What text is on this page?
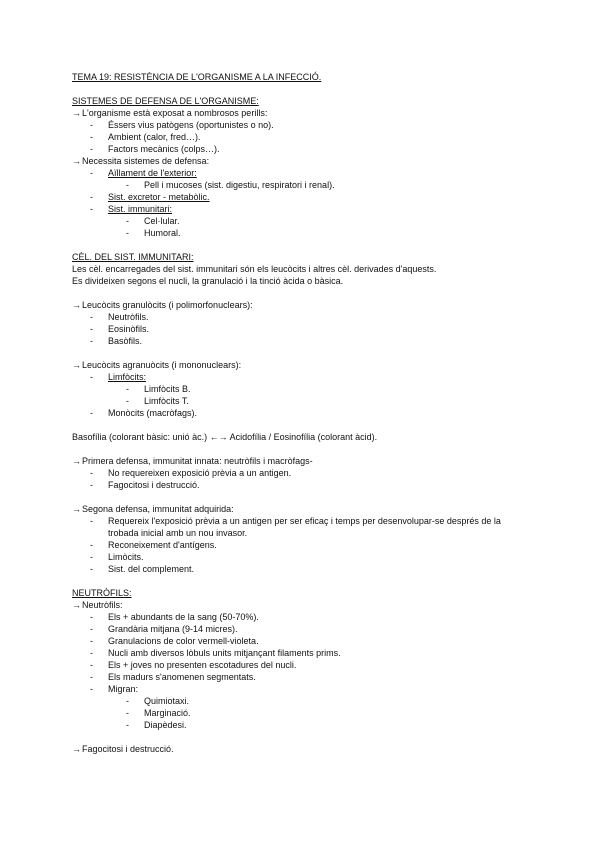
TEMA 19: RESISTÈNCIA DE L'ORGANISME A LA INFECCIÓ.
SISTEMES DE DEFENSA DE L'ORGANISME:
→L'organisme està exposat a nombrosos perills:
- Éssers vius patògens (oportunistes o no).
- Ambient (calor, fred…).
- Factors mecànics (colps…).
→Necessita sistemes de defensa:
- Aïllament de l'exterior:
- Pell i mucoses (sist. digestiu, respiratori i renal).
- Sist. excretor - metabòlic.
- Sist. immunitari:
- Cel·lular.
- Humoral.
CÈL. DEL SIST. IMMUNITARI:
Les cèl. encarregades del sist. immunitari són els leucòcits i altres cèl. derivades d'aquests.
Es divideixen segons el nucli, la granulació i la tinció àcida o bàsica.
→Leucòcits granulòcits (i polimorfonuclears):
- Neutròfils.
- Eosinòfils.
- Basòfils.
→Leucòcits agranuòcits (i mononuclears):
- Limfòcits:
- Limfòcits B.
- Limfòcits T.
- Monòcits (macròfags).
Basofília (colorant bàsic: unió àc.) ←→ Acidofília / Eosinofília (colorant àcid).
→Primera defensa, immunitat innata: neutròfils i macròfags-
- No requereixen exposició prèvia a un antigen.
- Fagocitosi i destrucció.
→Segona defensa, immunitat adquirida:
- Requereix l'exposició prèvia a un antigen per ser eficaç i temps per desenvolupar-se després de la
trobada inicial amb un nou invasor.
- Reconeixement d'antígens.
- Limòcits.
- Sist. del complement.
NEUTRÒFILS:
→Neutròfils:
- Els + abundants de la sang (50-70%).
- Grandària mitjana (9-14 micres).
- Granulacions de color vermell-violeta.
- Nucli amb diversos lòbuls units mitjançant filaments prims.
- Els + joves no presenten escotadures del nucli.
- Els madurs s'anomenen segmentats.
- Migran:
- Quimiotaxi.
- Marginació.
- Diapèdesi.
→Fagocitosi i destrucció.
